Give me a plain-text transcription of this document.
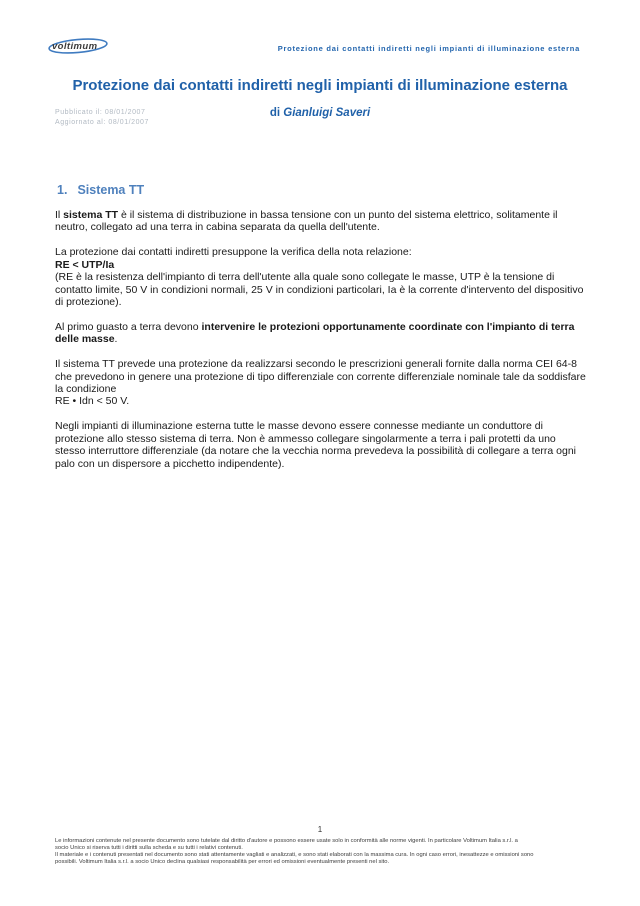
voltimum	Protezione dai contatti indiretti negli impianti di illuminazione esterna
Protezione dai contatti indiretti negli impianti di illuminazione esterna
Pubblicato il: 08/01/2007
Aggiornato al: 08/01/2007
di Gianluigi Saveri
1. Sistema TT

Il sistema TT è il sistema di distribuzione in bassa tensione con un punto del sistema elettrico, solitamente il neutro, collegato ad una terra in cabina separata da quella dell'utente.

La protezione dai contatti indiretti presuppone la verifica della nota relazione:
RE < UTP/Ia
(RE è la resistenza dell'impianto di terra dell'utente alla quale sono collegate le masse, UTP è la tensione di contatto limite, 50 V in condizioni normali, 25 V in condizioni particolari, Ia è la corrente d'intervento del dispositivo di protezione).

Al primo guasto a terra devono intervenire le protezioni opportunamente coordinate con l'impianto di terra delle masse.

Il sistema TT prevede una protezione da realizzarsi secondo le prescrizioni generali fornite dalla norma CEI 64-8 che prevedono in genere una protezione di tipo differenziale con corrente differenziale nominale tale da soddisfare la condizione
RE • Idn < 50 V.

Negli impianti di illuminazione esterna tutte le masse devono essere connesse mediante un conduttore di protezione allo stesso sistema di terra. Non è ammesso collegare singolarmente a terra i pali protetti da uno stesso interruttore differenziale (da notare che la vecchia norma prevedeva la possibilità di collegare a terra ogni palo con un dispersore a picchetto indipendente).

1
Le informazioni contenute nel presente documento sono tutelate dal diritto d'autore e possono essere usate solo in conformità alle norme vigenti. In particolare Voltimum Italia s.r.l. a
socio Unico si riserva tutti i diritti sulla scheda e su tutti i relativi contenuti.
Il materiale e i contenuti presentati nel documento sono stati attentamente vagliati e analizzati, e sono stati elaborati con la massima cura. In ogni caso errori, inesattezze e omissioni sono
possibili. Voltimum Italia s.r.l. a socio Unico declina qualsiasi responsabilità per errori ed omissioni eventualmente presenti nel sito.
